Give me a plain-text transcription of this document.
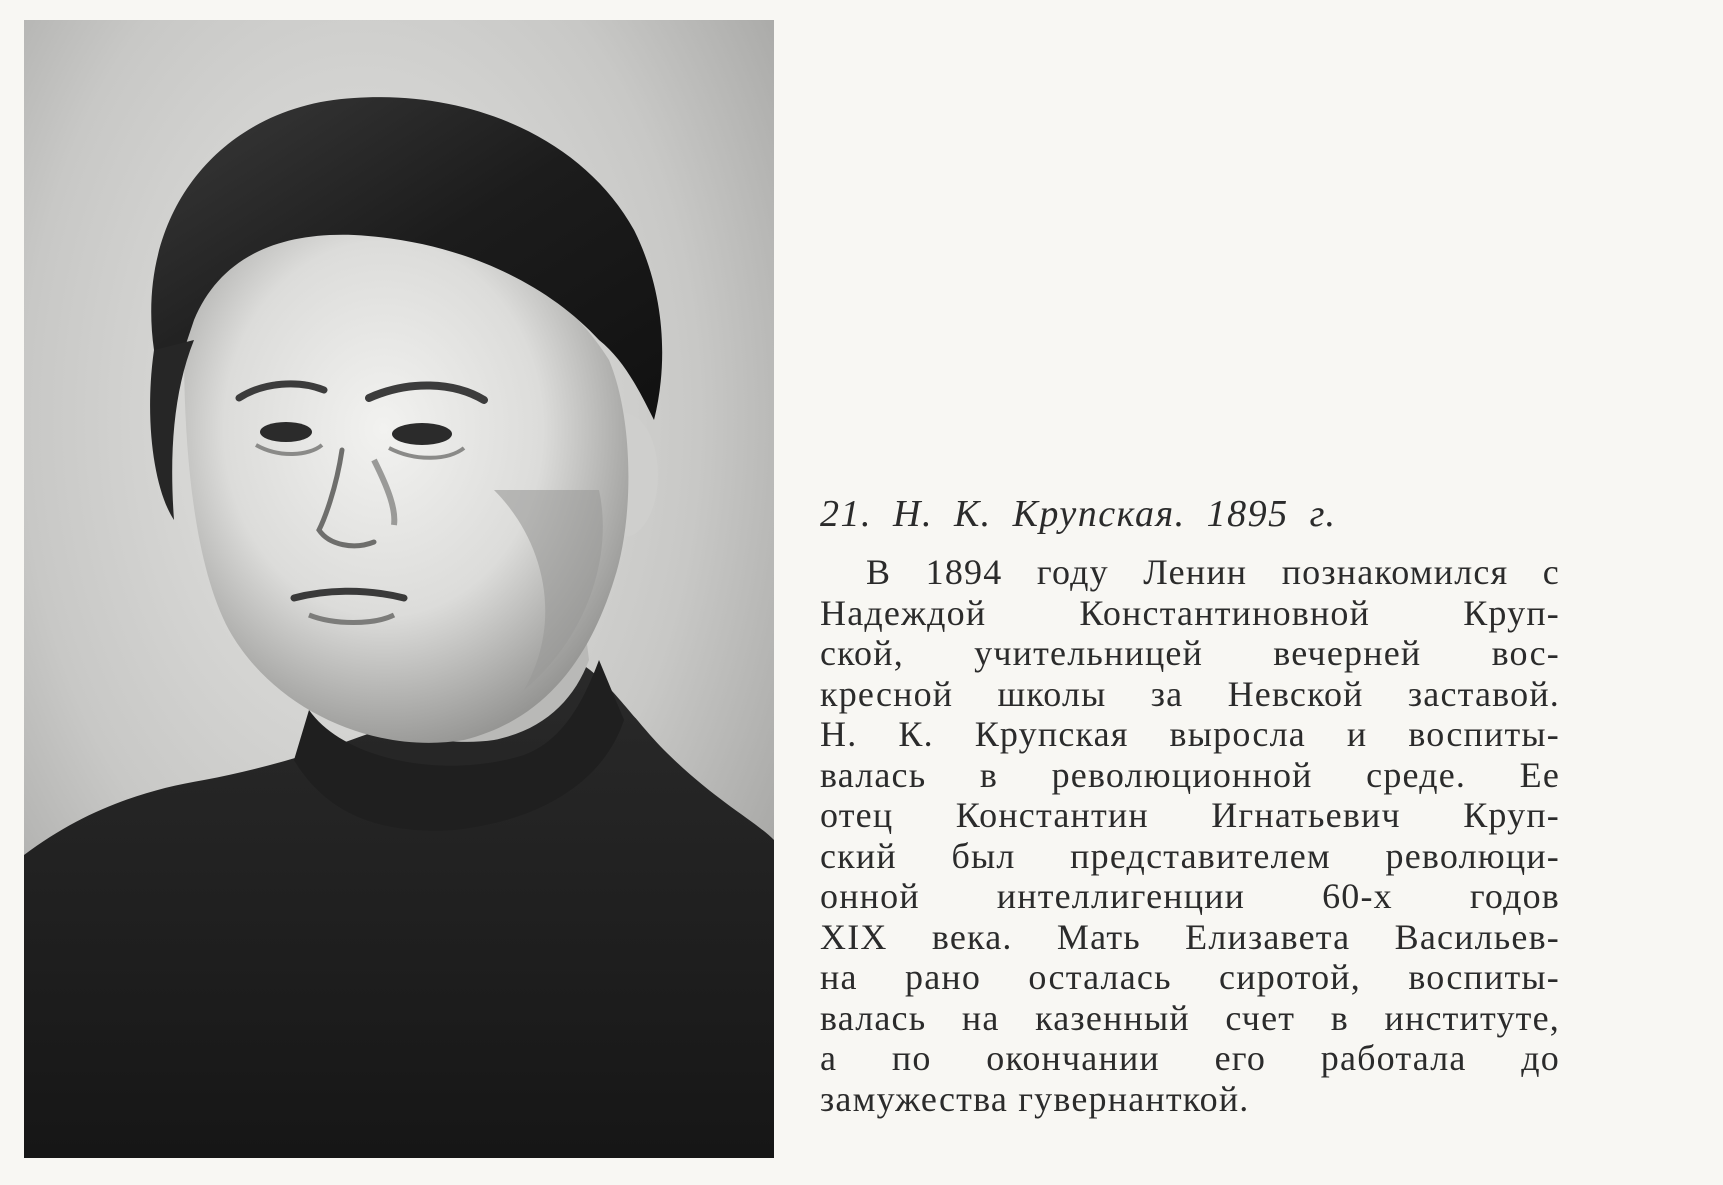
21. Н. К. Крупская. 1895 г.

В 1894 году Ленин познакомился с
Надеждой Константиновной Круп-
ской, учительницей вечерней вос-
кресной школы за Невской заставой.
Н. К. Крупская выросла и воспиты-
валась в революционной среде. Ее
отец Константин Игнатьевич Круп-
ский был представителем революци-
онной интеллигенции 60-х годов
XIX века. Мать Елизавета Васильев-
на рано осталась сиротой, воспиты-
валась на казенный счет в институте,
а по окончании его работала до
замужества гувернанткой.
